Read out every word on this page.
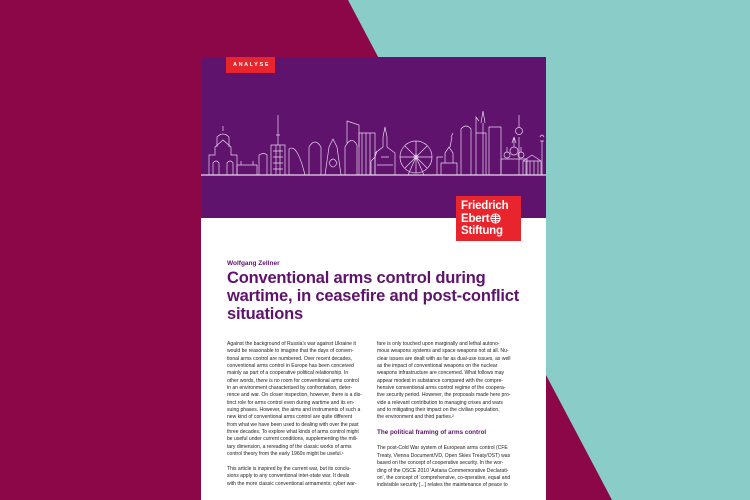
ANALYSE
Friedrich
Ebert
Stiftung
Wolfgang Zellner
Conventional arms control during wartime, in ceasefire and post-conflict situations

Against the background of Russia's war against Ukraine it
would be reasonable to imagine that the days of conven-
tional arms control are numbered. Over recent decades,
conventional arms control in Europe has been conceived
mainly as part of a cooperative political relationship. In
other words, there is no room for conventional arms control
in an environment characterised by confrontation, deter-
rence and war. On closer inspection, however, there is a dis-
tinct role for arms control even during wartime and its en-
suing phases. However, the aims and instruments of such a
new kind of conventional arms control are quite different
from what we have been used to dealing with over the past
three decades. To explore what kinds of arms control might
be useful under current conditions, supplementing the mili-
tary dimension, a rereading of the classic works of arms
control theory from the early 1960s might be useful.¹

This article is inspired by the current war, but its conclu-
sions apply to any conventional inter-state war. It deals
with the more classic conventional armaments; cyber war-

fare is only touched upon marginally and lethal autono-
mous weapons systems and space weapons not at all. Nu-
clear issues are dealt with as far as dual-use issues, as well
as the impact of conventional weapons on the nuclear
weapons infrastructure are concerned. What follows may
appear modest in substance compared with the compre-
hensive conventional arms control regime of the coopera-
tive security period. However, the proposals made here pro-
vide a relevant contribution to managing crises and wars
and to mitigating their impact on the civilian population,
the environment and third parties.²

The political framing of arms control

The post-Cold War system of European arms control (CFE
Treaty, Vienna Document/VD, Open Skies Treaty/OST) was
based on the concept of cooperative security. In the wor-
ding of the OSCE 2010 'Astana Commemorative Declarati-
on', the concept of 'comprehensive, co-operative, equal and
indivisible security [...] relates the maintenance of peace to
